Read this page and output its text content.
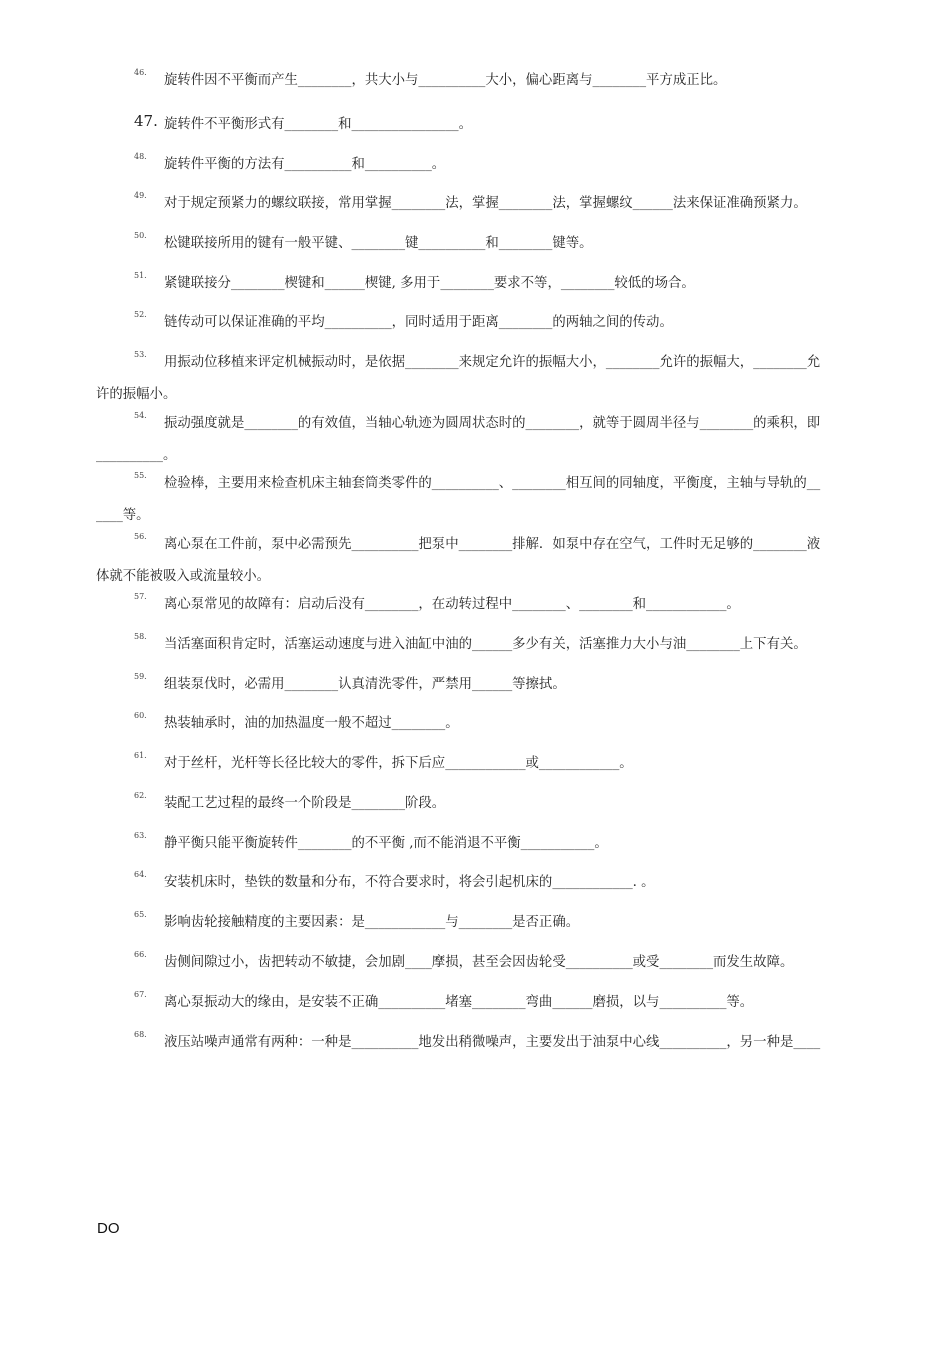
46.
旋转件因不平衡而产生________，共大小与__________大小，偏心距离与________平方成正比。
47. 旋转件不平衡形式有________和________________。
48.
旋转件平衡的方法有__________和__________。
49.
对于规定预紧力的螺纹联接，常用掌握________法，掌握________法，掌握螺纹______法来保证准确预紧力。
50.
松键联接所用的键有一般平键、________键__________和________键等。
51.
紧键联接分________楔键和______楔键, 多用于________要求不等，________较低的场合。
52.
链传动可以保证准确的平均__________，同时适用于距离________的两轴之间的传动。
53.
用振动位移植来评定机械振动时，是依据________来规定允许的振幅大小，________允许的振幅大，________允
许的振幅小。
54.
振动强度就是________的有效值，当轴心轨迹为圆周状态时的________，就等于圆周半径与________的乘积，即
__________。
55.
检验棒，主要用来检查机床主轴套筒类零件的__________、________相互间的同轴度，平衡度，主轴与导轨的__
____等。
56.
离心泵在工件前，泵中必需预先__________把泵中________排解．如泵中存在空气，工件时无足够的________液
体就不能被吸入或流量较小。
57.
离心泵常见的故障有：启动后没有________，在动转过程中________、________和____________。
58.
当活塞面积肯定时，活塞运动速度与进入油缸中油的______多少有关，活塞推力大小与油________上下有关。
59.
组装泵伐时，必需用________认真清洗零件，严禁用______等擦拭。
60.
热装轴承时，油的加热温度一般不超过________。
61.
对于丝杆，光杆等长径比较大的零件，拆下后应____________或____________。
62.
装配工艺过程的最终一个阶段是________阶段。
63.
静平衡只能平衡旋转件________的不平衡 ,而不能消退不平衡___________。
64.
安装机床时，垫铁的数量和分布，不符合要求时，将会引起机床的____________. 。
65.
影响齿轮接触精度的主要因素：是____________与________是否正确。
66.
齿侧间隙过小，齿把转动不敏捷，会加剧____摩损，甚至会因齿轮受__________或受________而发生故障。
67.
离心泵振动大的缘由，是安装不正确__________堵塞________弯曲______磨损，以与__________等。
68.
液压站噪声通常有两种：一种是__________地发出稍微噪声，主要发出于油泵中心线__________，另一种是____
DO
